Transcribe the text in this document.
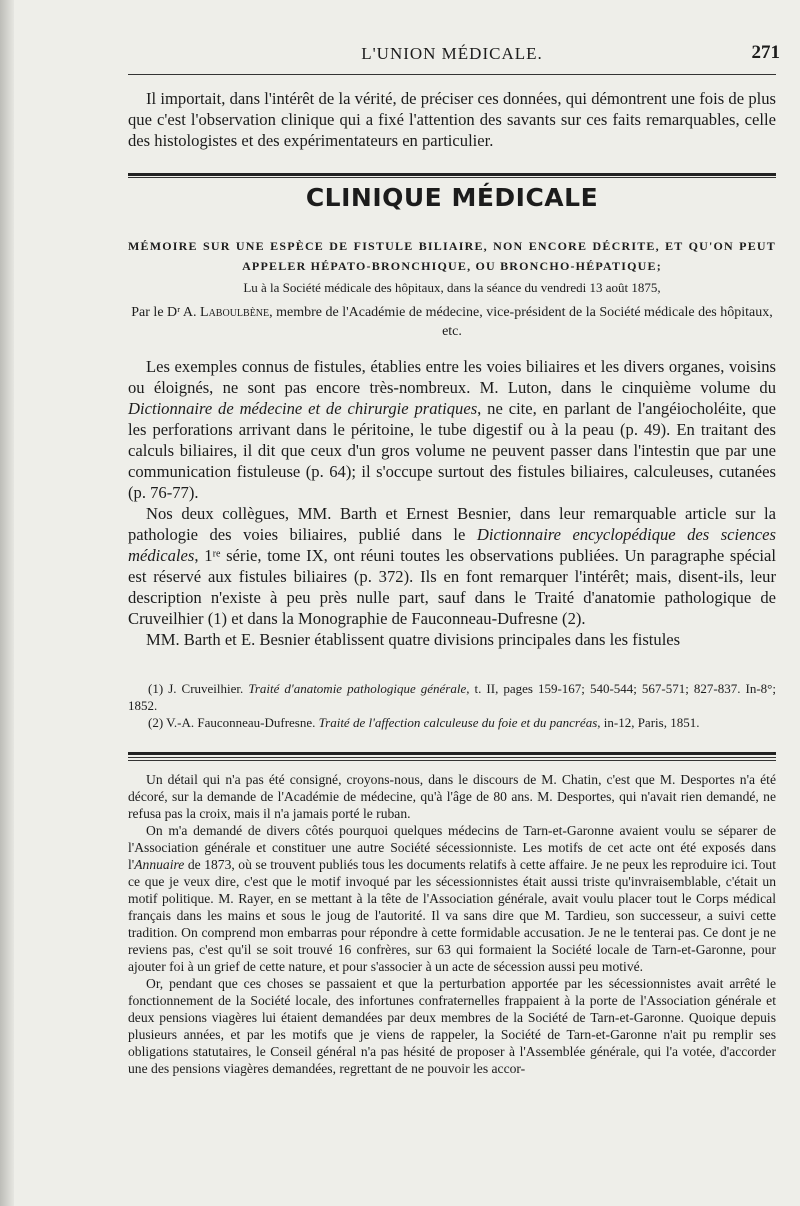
L'UNION MÉDICALE.	271

Il importait, dans l'intérêt de la vérité, de préciser ces données, qui démontrent une fois de plus que c'est l'observation clinique qui a fixé l'attention des savants sur ces faits remarquables, celle des histologistes et des expérimentateurs en particulier.

CLINIQUE MÉDICALE
MÉMOIRE SUR UNE ESPÈCE DE FISTULE BILIAIRE, NON ENCORE DÉCRITE, ET QU'ON PEUT APPELER HÉPATO-BRONCHIQUE, OU BRONCHO-HÉPATIQUE;
Lu à la Société médicale des hôpitaux, dans la séance du vendredi 13 août 1875,
Par le Dʳ A. Laboulbène, membre de l'Académie de médecine, vice-président de la Société médicale des hôpitaux, etc.

Les exemples connus de fistules, établies entre les voies biliaires et les divers organes, voisins ou éloignés, ne sont pas encore très-nombreux. M. Luton, dans le cinquième volume du Dictionnaire de médecine et de chirurgie pratiques, ne cite, en parlant de l'angéiocholéite, que les perforations arrivant dans le péritoine, le tube digestif ou à la peau (p. 49). En traitant des calculs biliaires, il dit que ceux d'un gros volume ne peuvent passer dans l'intestin que par une communication fistuleuse (p. 64); il s'occupe surtout des fistules biliaires, calculeuses, cutanées (p. 76-77).

Nos deux collègues, MM. Barth et Ernest Besnier, dans leur remarquable article sur la pathologie des voies biliaires, publié dans le Dictionnaire encyclopédique des sciences médicales, 1ʳᵉ série, tome IX, ont réuni toutes les observations publiées. Un paragraphe spécial est réservé aux fistules biliaires (p. 372). Ils en font remarquer l'intérêt; mais, disent-ils, leur description n'existe à peu près nulle part, sauf dans le Traité d'anatomie pathologique de Cruveilhier (1) et dans la Monographie de Fauconneau-Dufresne (2).

MM. Barth et E. Besnier établissent quatre divisions principales dans les fistules

(1) J. Cruveilhier. Traité d'anatomie pathologique générale, t. II, pages 159-167; 540-544; 567-571; 827-837. In-8°; 1852.

(2) V.-A. Fauconneau-Dufresne. Traité de l'affection calculeuse du foie et du pancréas, in-12, Paris, 1851.

Un détail qui n'a pas été consigné, croyons-nous, dans le discours de M. Chatin, c'est que M. Desportes n'a été décoré, sur la demande de l'Académie de médecine, qu'à l'âge de 80 ans. M. Desportes, qui n'avait rien demandé, ne refusa pas la croix, mais il n'a jamais porté le ruban.

On m'a demandé de divers côtés pourquoi quelques médecins de Tarn-et-Garonne avaient voulu se séparer de l'Association générale et constituer une autre Société sécessionniste. Les motifs de cet acte ont été exposés dans l'Annuaire de 1873, où se trouvent publiés tous les documents relatifs à cette affaire. Je ne peux les reproduire ici. Tout ce que je veux dire, c'est que le motif invoqué par les sécessionnistes était aussi triste qu'invraisemblable, c'était un motif politique. M. Rayer, en se mettant à la tête de l'Association générale, avait voulu placer tout le Corps médical français dans les mains et sous le joug de l'autorité. Il va sans dire que M. Tardieu, son successeur, a suivi cette tradition. On comprend mon embarras pour répondre à cette formidable accusation. Je ne le tenterai pas. Ce dont je ne reviens pas, c'est qu'il se soit trouvé 16 confrères, sur 63 qui formaient la Société locale de Tarn-et-Garonne, pour ajouter foi à un grief de cette nature, et pour s'associer à un acte de sécession aussi peu motivé.

Or, pendant que ces choses se passaient et que la perturbation apportée par les sécessionnistes avait arrêté le fonctionnement de la Société locale, des infortunes confraternelles frappaient à la porte de l'Association générale et deux pensions viagères lui étaient demandées par deux membres de la Société de Tarn-et-Garonne. Quoique depuis plusieurs années, et par les motifs que je viens de rappeler, la Société de Tarn-et-Garonne n'ait pu remplir ses obligations statutaires, le Conseil général n'a pas hésité de proposer à l'Assemblée générale, qui l'a votée, d'accorder une des pensions viagères demandées, regrettant de ne pouvoir les accor-
